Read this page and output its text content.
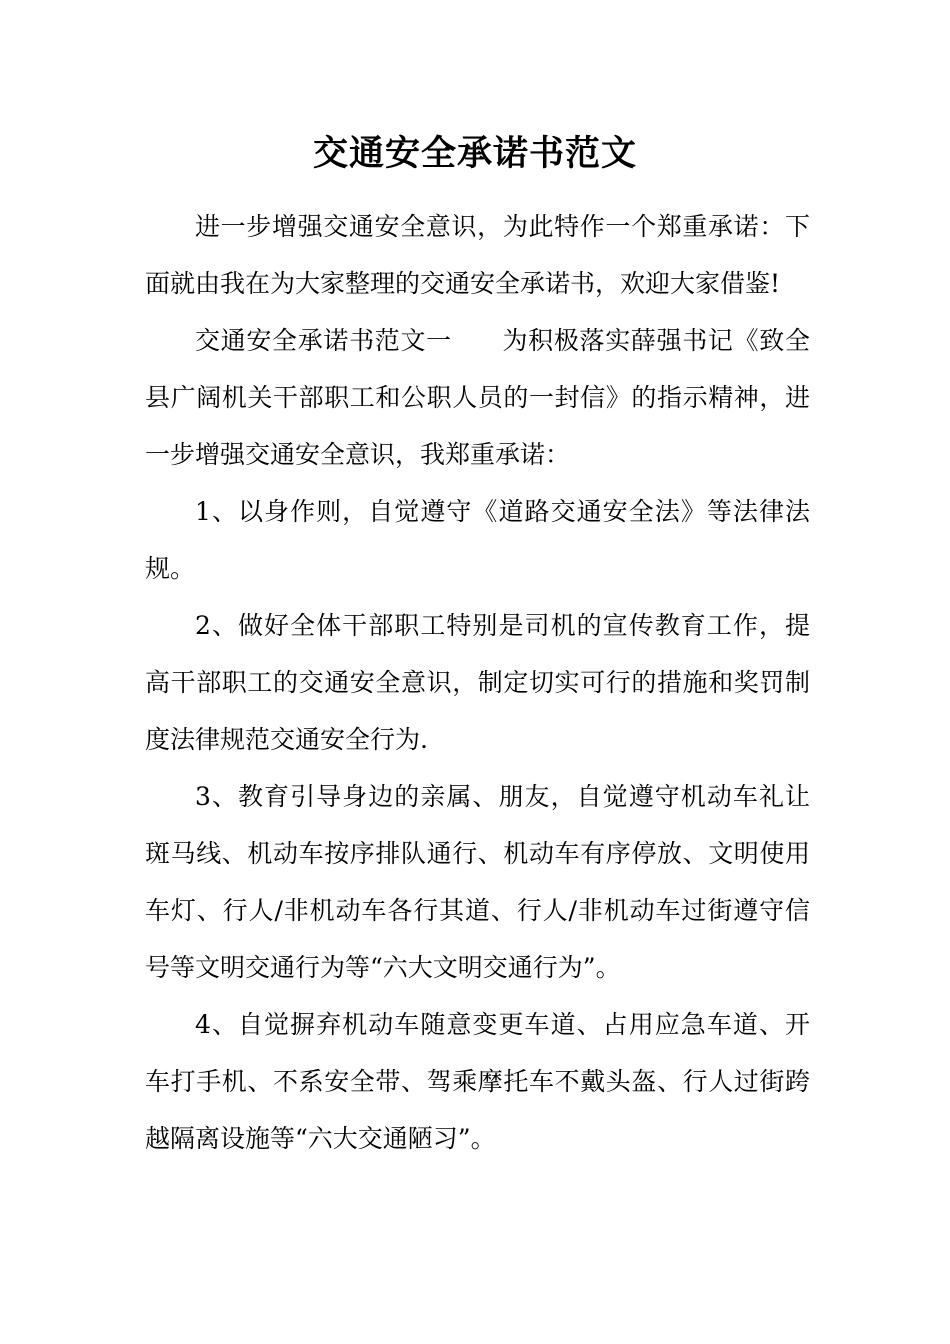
交通安全承诺书范文

进一步增强交通安全意识，为此特作一个郑重承诺：下面就由我在为大家整理的交通安全承诺书，欢迎大家借鉴!

交通安全承诺书范文一 为积极落实薛强书记《致全县广阔机关干部职工和公职人员的一封信》的指示精神，进一步增强交通安全意识，我郑重承诺：

1、以身作则，自觉遵守《道路交通安全法》等法律法规。

2、做好全体干部职工特别是司机的宣传教育工作，提高干部职工的交通安全意识，制定切实可行的措施和奖罚制度法律规范交通安全行为.

3、教育引导身边的亲属、朋友，自觉遵守机动车礼让斑马线、机动车按序排队通行、机动车有序停放、文明使用车灯、行人/非机动车各行其道、行人/非机动车过街遵守信号等文明交通行为等“六大文明交通行为”。

4、自觉摒弃机动车随意变更车道、占用应急车道、开车打手机、不系安全带、驾乘摩托车不戴头盔、行人过街跨越隔离设施等“六大交通陋习”。
